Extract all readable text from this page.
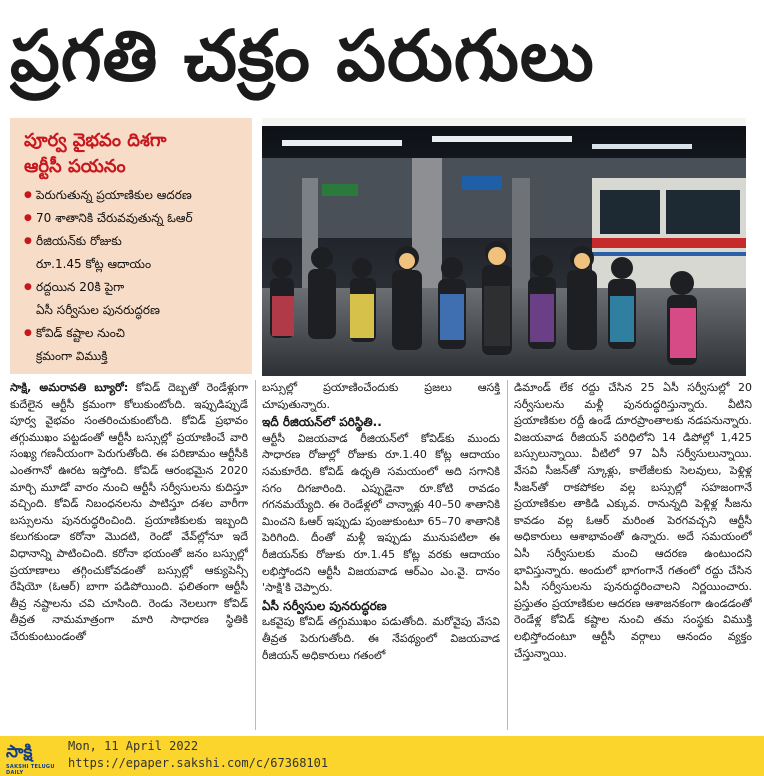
ప్రగతి చక్రం పరుగులు
పూర్వ వైభవం దిశగా
ఆర్టీసీ పయనం
● పెరుగుతున్న ప్రయాణికుల ఆదరణ
● 70 శాతానికి చేరువవుతున్న ఓఆర్
● రీజియన్‌కు రోజుకు
రూ.1.45 కోట్ల ఆదాయం
● రద్దయిన 20కి పైగా
ఏసీ సర్వీసుల పునరుద్ధరణ
● కోవిడ్ కష్టాల నుంచి
క్రమంగా విముక్తి

సాక్షి, అమరావతి బ్యూరో: కోవిడ్ దెబ్బతో రెండేళ్లుగా కుదేలైన ఆర్టీసీ క్రమంగా కోలుకుంటోంది. ఇప్పుడిప్పుడే పూర్వ వైభవం సంతరించుకుంటోంది. కోవిడ్ ప్రభావం తగ్గుముఖం పట్టడంతో ఆర్టీసీ బస్సుల్లో ప్రయాణించే వారి సంఖ్య గణనీయంగా పెరుగుతోంది. ఈ పరిణామం ఆర్టీసీకి ఎంతగానో ఊరట ఇస్తోంది. కోవిడ్ ఆరంభమైన 2020 మార్చి మూడో వారం నుంచి ఆర్టీసీ సర్వీసులను కుదిస్తూ వచ్చింది. కోవిడ్ నిబంధనలను పాటిస్తూ దశల వారీగా బస్సులను పునరుద్ధరించింది. ప్రయాణికులకు ఇబ్బంది కలుగకుండా కరోనా మొదటి, రెండో వేవ్‌ల్లోనూ ఇదే విధానాన్ని పాటించింది. కరోనా భయంతో జనం బస్సుల్లో ప్రయాణాలు తగ్గించుకోవడంతో బస్సుల్లో ఆక్యుపెన్సీ రేషియో (ఓఆర్) బాగా పడిపోయింది. ఫలితంగా ఆర్టీసీ తీవ్ర నష్టాలను చవి చూసింది. రెండు నెలలుగా కోవిడ్ తీవ్రత నామమాత్రంగా మారి సాధారణ స్థితికి చేరుకుంటుండంతో

బస్సుల్లో ప్రయాణించేందుకు ప్రజలు ఆసక్తి చూపుతున్నారు.

ఇదీ రీజియన్‌లో పరిస్థితి..

ఆర్టీసీ విజయవాడ రీజియన్‌లో కోవిడ్‌కు ముందు సాధారణ రోజుల్లో రోజుకు రూ.1.40 కోట్ల ఆదాయం సమకూరేది. కోవిడ్ ఉధృతి సమయంలో అది సగానికి సగం దిగజారింది. ఎప్పుడైనా రూ.కోటి రావడం గగనమయ్యేది. ఈ రెండేళ్లలో చాన్నాళ్లు 40–50 శాతానికి మించని ఓఆర్ ఇప్పుడు పుంజుకుంటూ 65–70 శాతానికి పెరిగింది. దీంతో మళ్లీ ఇప్పుడు మునుపటిలా ఈ రీజియన్‌కు రోజుకు రూ.1.45 కోట్ల వరకు ఆదాయం లభిస్తోందని ఆర్టీసీ విజయవాడ ఆర్ఎం ఎం.వై. దానం 'సాక్షి'కి చెప్పారు.

ఏసీ సర్వీసుల పునరుద్ధరణ

ఒకవైపు కోవిడ్ తగ్గుముఖం పడుతోంది. మరోవైపు వేసవి తీవ్రత పెరుగుతోంది. ఈ నేపథ్యంలో విజయవాడ రీజియన్ అధికారులు గతంలో

డిమాండ్ లేక రద్దు చేసిన 25 ఏసీ సర్వీసుల్లో 20 సర్వీసులను మళ్లీ పునరుద్ధరిస్తున్నారు. వీటిని ప్రయాణికుల రద్దీ ఉండే దూరప్రాంతాలకు నడపనున్నారు. విజయవాడ రీజియన్ పరిధిలోని 14 డిపోల్లో 1,425 బస్సులున్నాయి. వీటిలో 97 ఏసీ సర్వీసులున్నాయి. వేసవి సీజన్‌తో స్కూళ్లు, కాలేజీలకు సెలవులు, పెళ్లిళ్ల సీజన్‌తో రాకపోకల వల్ల బస్సుల్లో సహజంగానే ప్రయాణికుల తాకిడి ఎక్కువ. రానున్నది పెళ్లిళ్ల సీజను కావడం వల్ల ఓఆర్ మరింత పెరగవచ్చని ఆర్టీసీ అధికారులు ఆశాభావంతో ఉన్నారు. అదే సమయంలో ఏసీ సర్వీసులకు మంచి ఆదరణ ఉంటుందని భావిస్తున్నారు. అందులో భాగంగానే గతంలో రద్దు చేసిన ఏసీ సర్వీసులను పునరుద్ధరించాలని నిర్ణయించారు. ప్రస్తుతం ప్రయాణికుల ఆదరణ ఆశాజనకంగా ఉండడంతో రెండేళ్ల కోవిడ్ కష్టాల నుంచి తమ సంస్థకు విముక్తి లభిస్తోందంటూ ఆర్టీసీ వర్గాలు ఆనందం వ్యక్తం చేస్తున్నాయి.

సాక్షి
SAKSHI TELUGU DAILY
Mon, 11 April 2022
https://epaper.sakshi.com/c/67368101
